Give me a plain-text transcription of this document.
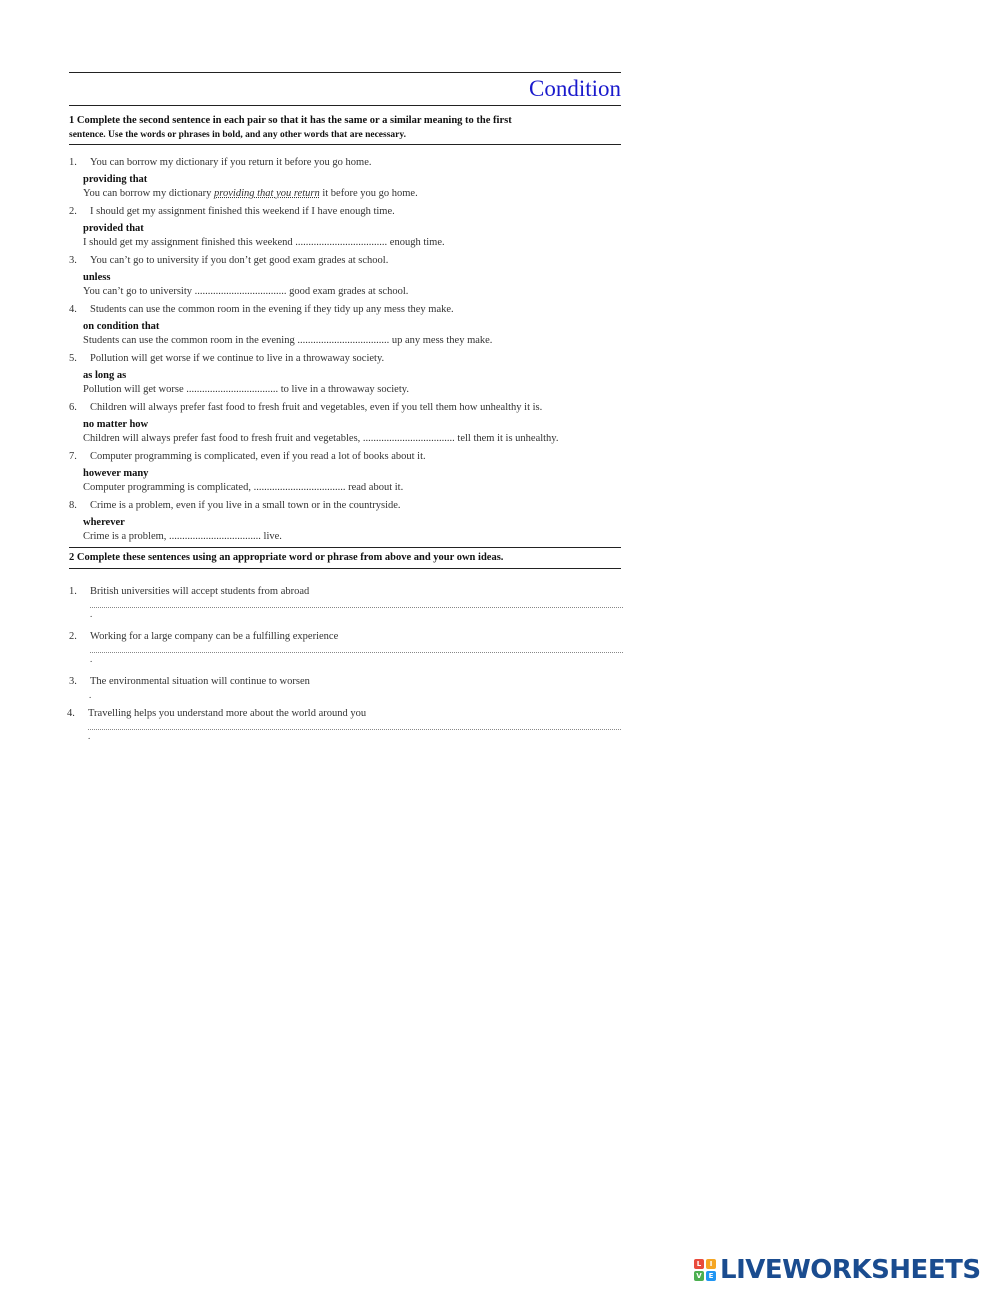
Condition
1 Complete the second sentence in each pair so that it has the same or a similar meaning to the first
sentence. Use the words or phrases in bold, and any other words that are necessary.
1.	You can borrow my dictionary if you return it before you go home.
providing that
You can borrow my dictionary providing that you return it before you go home.
2.	I should get my assignment finished this weekend if I have enough time.
provided that
I should get my assignment finished this weekend ................................... enough time.
3.	You can’t go to university if you don’t get good exam grades at school.
unless
You can’t go to university ................................... good exam grades at school.
4.	Students can use the common room in the evening if they tidy up any mess they make.
on condition that
Students can use the common room in the evening ................................... up any mess they make.
5.	Pollution will get worse if we continue to live in a throwaway society.
as long as
Pollution will get worse ................................... to live in a throwaway society.
6.	Children will always prefer fast food to fresh fruit and vegetables, even if you tell them how unhealthy it is.
no matter how
Children will always prefer fast food to fresh fruit and vegetables, ................................... tell them it is unhealthy.
7.	Computer programming is complicated, even if you read a lot of books about it.
however many
Computer programming is complicated, ................................... read about it.
8.	Crime is a problem, even if you live in a small town or in the countryside.
wherever
Crime is a problem, ................................... live.
2 Complete these sentences using an appropriate word or phrase from above and your own ideas.
1.	British universities will accept students from abroad
.
2.	Working for a large company can be a fulfilling experience
.
3.	The environmental situation will continue to worsen
.
4.	Travelling helps you understand more about the world around you
.
L	I
V E LIVEWORKSHEETS
